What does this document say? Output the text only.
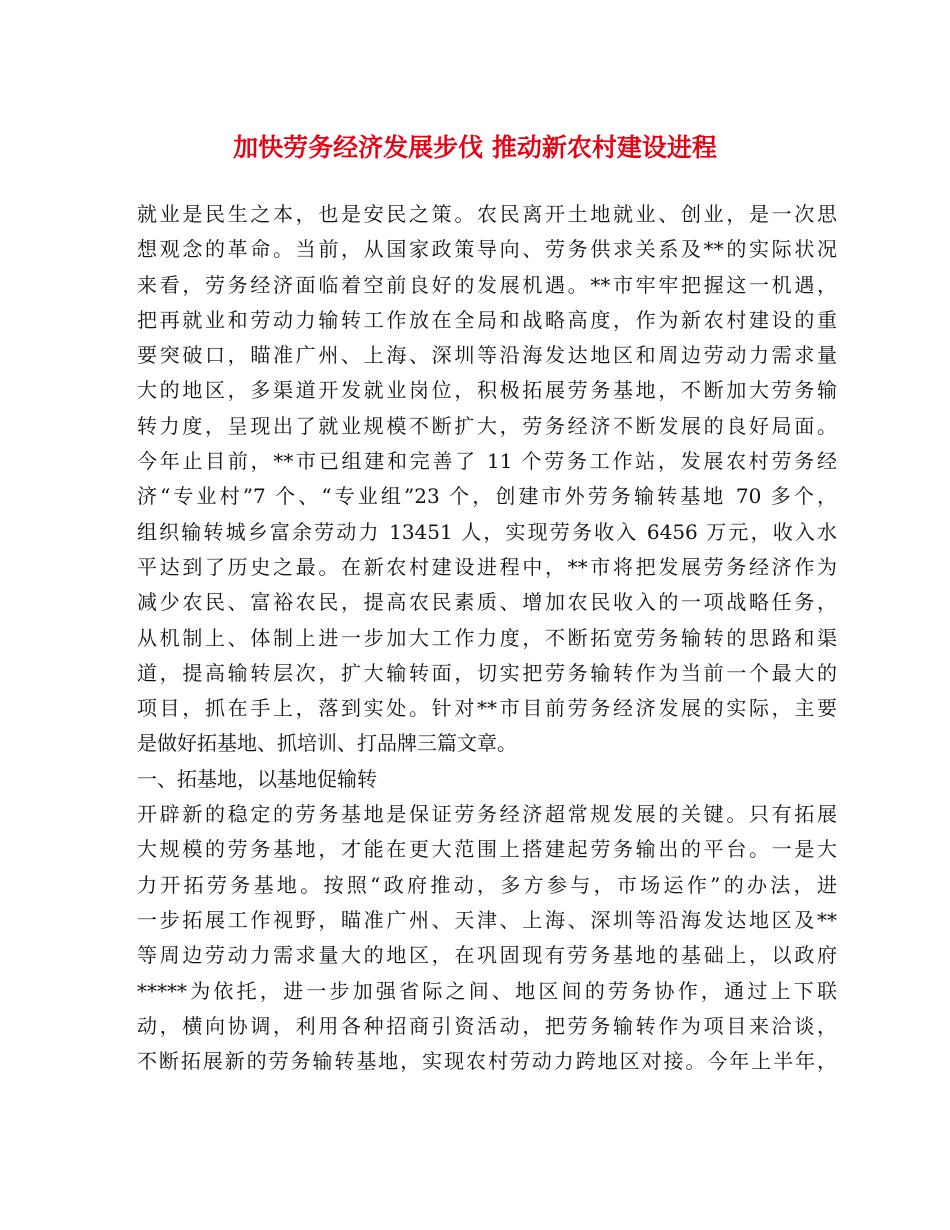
加快劳务经济发展步伐 推动新农村建设进程
就业是民生之本，也是安民之策。农民离开土地就业、创业，是一次思
想观念的革命。当前，从国家政策导向、劳务供求关系及**的实际状况
来看，劳务经济面临着空前良好的发展机遇。**市牢牢把握这一机遇，
把再就业和劳动力输转工作放在全局和战略高度，作为新农村建设的重
要突破口，瞄准广州、上海、深圳等沿海发达地区和周边劳动力需求量
大的地区，多渠道开发就业岗位，积极拓展劳务基地，不断加大劳务输
转力度，呈现出了就业规模不断扩大，劳务经济不断发展的良好局面。
今年止目前，**市已组建和完善了 11 个劳务工作站，发展农村劳务经
济“专业村”7 个、“专业组”23 个，创建市外劳务输转基地 70 多个，
组织输转城乡富余劳动力 13451 人，实现劳务收入 6456 万元，收入水
平达到了历史之最。在新农村建设进程中，**市将把发展劳务经济作为
减少农民、富裕农民，提高农民素质、增加农民收入的一项战略任务，
从机制上、体制上进一步加大工作力度，不断拓宽劳务输转的思路和渠
道，提高输转层次，扩大输转面，切实把劳务输转作为当前一个最大的
项目，抓在手上，落到实处。针对**市目前劳务经济发展的实际，主要
是做好拓基地、抓培训、打品牌三篇文章。
一、拓基地，以基地促输转
开辟新的稳定的劳务基地是保证劳务经济超常规发展的关键。只有拓展
大规模的劳务基地，才能在更大范围上搭建起劳务输出的平台。一是大
力开拓劳务基地。按照“政府推动，多方参与，市场运作”的办法，进
一步拓展工作视野，瞄准广州、天津、上海、深圳等沿海发达地区及**
等周边劳动力需求量大的地区，在巩固现有劳务基地的基础上，以政府
*****为依托，进一步加强省际之间、地区间的劳务协作，通过上下联
动，横向协调，利用各种招商引资活动，把劳务输转作为项目来洽谈，
不断拓展新的劳务输转基地，实现农村劳动力跨地区对接。今年上半年，
